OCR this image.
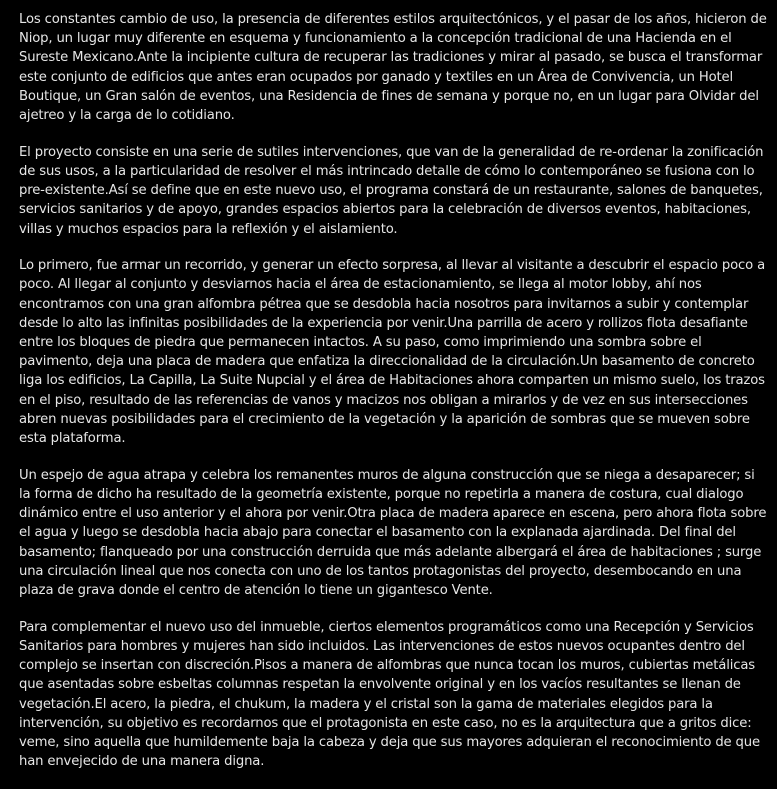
Los constantes cambio de uso, la presencia de diferentes estilos arquitectónicos, y el pasar de los años, hicieron de Niop, un lugar muy diferente en esquema y funcionamiento a la concepción tradicional de una Hacienda en el Sureste Mexicano.Ante la incipiente cultura de recuperar las tradiciones y mirar al pasado, se busca el transformar este conjunto de edificios que antes eran ocupados por ganado y textiles en un Área de Convivencia, un Hotel Boutique, un Gran salón de eventos, una Residencia de fines de semana y porque no, en un lugar para Olvidar del ajetreo y la carga de lo cotidiano.

El proyecto consiste en una serie de sutiles intervenciones, que van de la generalidad de re-ordenar la zonificación de sus usos, a la particularidad de resolver el más intrincado detalle de cómo lo contemporáneo se fusiona con lo pre-existente.Así se define que en este nuevo uso, el programa constará de un restaurante, salones de banquetes, servicios sanitarios y de apoyo, grandes espacios abiertos para la celebración de diversos eventos, habitaciones, villas y muchos espacios para la reflexión y el aislamiento.

Lo primero, fue armar un recorrido, y generar un efecto sorpresa, al llevar al visitante a descubrir el espacio poco a poco. Al llegar al conjunto y desviarnos hacia el área de estacionamiento, se llega al motor lobby, ahí nos encontramos con una gran alfombra pétrea que se desdobla hacia nosotros para invitarnos a subir y contemplar desde lo alto las infinitas posibilidades de la experiencia por venir.Una parrilla de acero y rollizos flota desafiante entre los bloques de piedra que permanecen intactos. A su paso, como imprimiendo una sombra sobre el pavimento, deja una placa de madera que enfatiza la direccionalidad de la circulación.Un basamento de concreto liga los edificios, La Capilla, La Suite Nupcial y el área de Habitaciones ahora comparten un mismo suelo, los trazos en el piso, resultado de las referencias de vanos y macizos nos obligan a mirarlos y de vez en sus intersecciones abren nuevas posibilidades para el crecimiento de la vegetación y la aparición de sombras que se mueven sobre esta plataforma.

Un espejo de agua atrapa y celebra los remanentes muros de alguna construcción que se niega a desaparecer; si la forma de dicho ha resultado de la geometría existente, porque no repetirla a manera de costura, cual dialogo dinámico entre el uso anterior y el ahora por venir.Otra placa de madera aparece en escena, pero ahora flota sobre el agua y luego se desdobla hacia abajo para conectar el basamento con la explanada ajardinada. Del final del basamento; flanqueado por una construcción derruida que más adelante albergará el área de habitaciones ; surge una circulación lineal que nos conecta con uno de los tantos protagonistas del proyecto, desembocando en una plaza de grava donde el centro de atención lo tiene un gigantesco Vente.

Para complementar el nuevo uso del inmueble, ciertos elementos programáticos como una Recepción y Servicios Sanitarios para hombres y mujeres han sido incluidos. Las intervenciones de estos nuevos ocupantes dentro del complejo se insertan con discreción.Pisos a manera de alfombras que nunca tocan los muros, cubiertas metálicas que asentadas sobre esbeltas columnas respetan la envolvente original y en los vacíos resultantes se llenan de vegetación.El acero, la piedra, el chukum, la madera y el cristal son la gama de materiales elegidos para la intervención, su objetivo es recordarnos que el protagonista en este caso, no es la arquitectura que a gritos dice: veme, sino aquella que humildemente baja la cabeza y deja que sus mayores adquieran el reconocimiento de que han envejecido de una manera digna.
